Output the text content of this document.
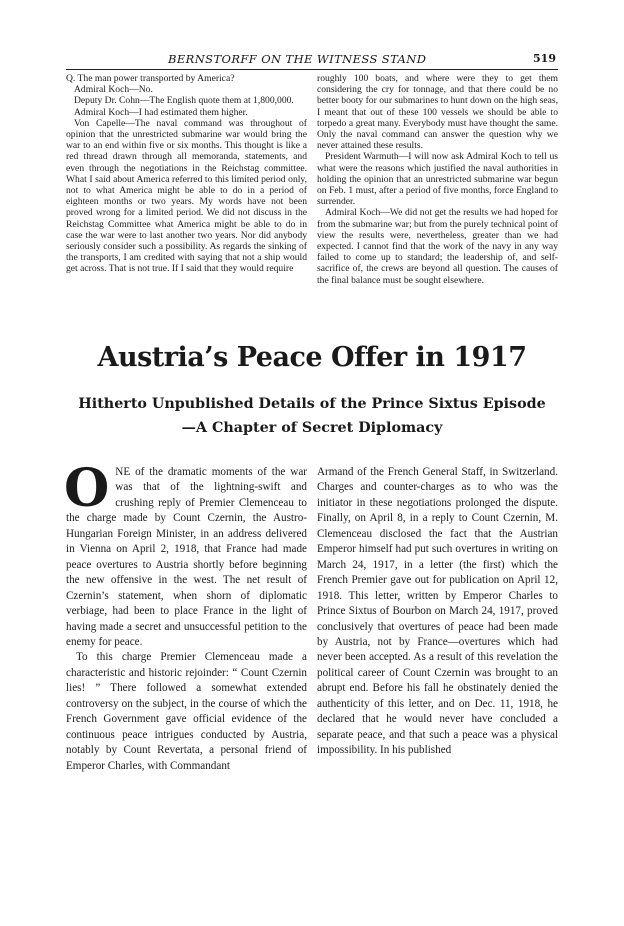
BERNSTORFF ON THE WITNESS STAND	519

Q. The man power transported by America?

Admiral Koch—No.

Deputy Dr. Cohn—The English quote them at 1,800,000.

Admiral Koch—I had estimated them higher.

Von Capelle—The naval command was throughout of opinion that the unrestricted submarine war would bring the war to an end within five or six months. This thought is like a red thread drawn through all memoranda, statements, and even through the negotiations in the Reichstag committee. What I said about America referred to this limited period only, not to what America might be able to do in a period of eighteen months or two years. My words have not been proved wrong for a limited period. We did not discuss in the Reichstag Committee what America might be able to do in case the war were to last another two years. Nor did anybody seriously consider such a possibility. As regards the sinking of the transports, I am credited with saying that not a ship would get across. That is not true. If I said that they would require

roughly 100 boats, and where were they to get them considering the cry for tonnage, and that there could be no better booty for our submarines to hunt down on the high seas, I meant that out of these 100 vessels we should be able to torpedo a great many. Everybody must have thought the same. Only the naval command can answer the question why we never attained these results.

President Warmuth—I will now ask Admiral Koch to tell us what were the reasons which justified the naval authorities in holding the opinion that an unrestricted submarine war begun on Feb. 1 must, after a period of five months, force England to surrender.

Admiral Koch—We did not get the results we had hoped for from the submarine war; but from the purely technical point of view the results were, nevertheless, greater than we had expected. I cannot find that the work of the navy in any way failed to come up to standard; the leadership of, and self-sacrifice of, the crews are beyond all question. The causes of the final balance must be sought elsewhere.

Austria’s Peace Offer in 1917
Hitherto Unpublished Details of the Prince Sixtus Episode
—A Chapter of Secret Diplomacy

ONE of the dramatic moments of the war was that of the lightning-swift and crushing reply of Premier Clemenceau to the charge made by Count Czernin, the Austro-Hungarian Foreign Minister, in an address delivered in Vienna on April 2, 1918, that France had made peace overtures to Austria shortly before beginning the new offensive in the west. The net result of Czernin’s statement, when shorn of diplomatic verbiage, had been to place France in the light of having made a secret and unsuccessful petition to the enemy for peace.

To this charge Premier Clemenceau made a characteristic and historic rejoinder: “ Count Czernin lies! ” There followed a somewhat extended controversy on the subject, in the course of which the French Government gave official evidence of the continuous peace intrigues conducted by Austria, notably by Count Revertata, a personal friend of Emperor Charles, with Commandant

Armand of the French General Staff, in Switzerland. Charges and counter-charges as to who was the initiator in these negotiations prolonged the dispute. Finally, on April 8, in a reply to Count Czernin, M. Clemenceau disclosed the fact that the Austrian Emperor himself had put such overtures in writing on March 24, 1917, in a letter (the first) which the French Premier gave out for publication on April 12, 1918. This letter, written by Emperor Charles to Prince Sixtus of Bourbon on March 24, 1917, proved conclusively that overtures of peace had been made by Austria, not by France—overtures which had never been accepted. As a result of this revelation the political career of Count Czernin was brought to an abrupt end. Before his fall he obstinately denied the authenticity of this letter, and on Dec. 11, 1918, he declared that he would never have concluded a separate peace, and that such a peace was a physical impossibility. In his published
